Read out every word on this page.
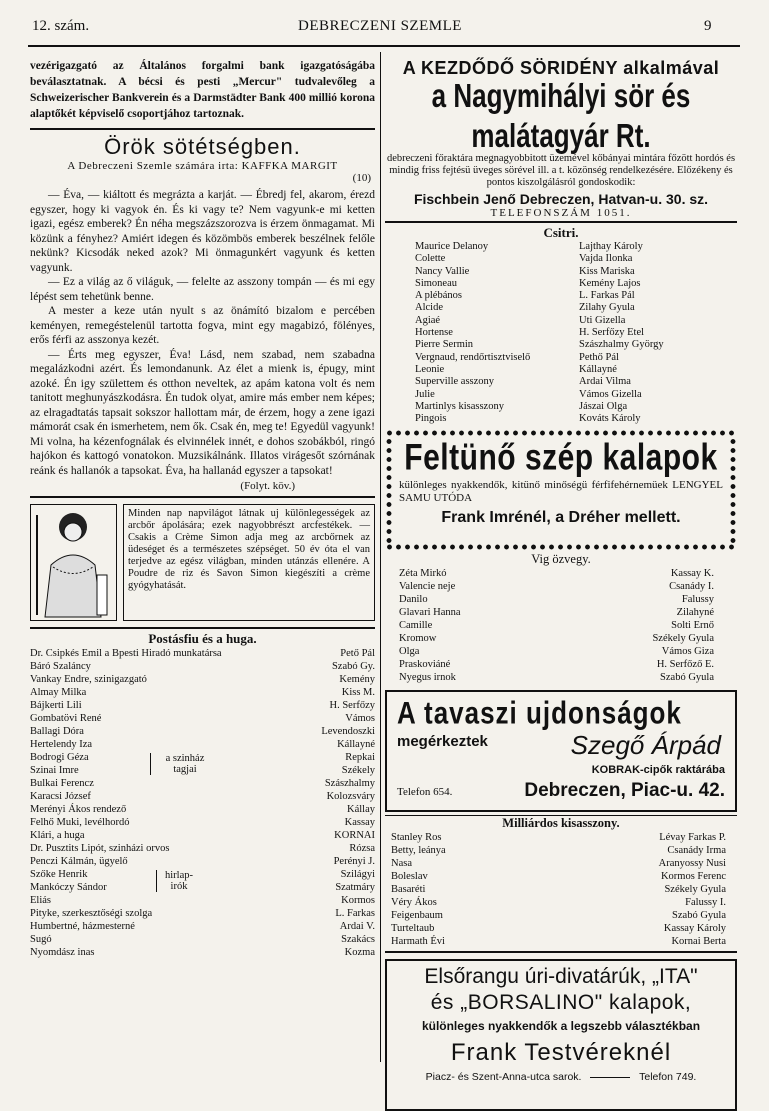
12. szám.	DEBRECZENI SZEMLE	9

vezérigazgató az Általános forgalmi bank igazgatóságába beválasztatnak. A bécsi és pesti „Mercur" tudvalevőleg a Schweizerischer Bankverein és a Darmstädter Bank 400 millió korona alaptőkét képviselő csoportjához tartoznak.

Örök sötétségben.

A Debreczeni Szemle számára irta: KAFFKA MARGIT

(10)

— Éva, — kiáltott és megrázta a karját. — Ébredj fel, akarom, érezd egyszer, hogy ki vagyok én. És ki vagy te? Nem vagyunk-e mi ketten igazi, egész emberek? Én néha megszázszorozva is érzem önmagamat. Mi közünk a fényhez? Amiért idegen és közömbös emberek beszélnek felőle nekünk? Kicsodák neked azok? Mi önmagunkért vagyunk és ketten vagyunk.

— Ez a világ az ő világuk, — felelte az asszony tompán — és mi egy lépést sem tehetünk benne.

A mester a keze után nyult s az önámító bizalom e percében keményen, remegéstelenül tartotta fogva, mint egy magabizó, fölényes, erős férfi az asszonya kezét.

— Érts meg egyszer, Éva! Lásd, nem szabad, nem szabadna megalázkodni azért. És lemondanunk. Az élet a mienk is, épugy, mint azoké. Én igy születtem és otthon neveltek, az apám katona volt és nem tanitott meghunyászkodásra. Én tudok olyat, amire más ember nem képes; az elragadtatás tapsait sokszor hallottam már, de érzem, hogy a zene igazi mámorát csak én ismerhetem, nem ők. Csak én, meg te! Egyedül vagyunk! Mi volna, ha kézenfognálak és elvinnélek innét, e dohos szobákból, ringó hajókon és kattogó vonatokon. Muzsikálnánk. Illatos virágesőt szórnának reánk és hallanók a tapsokat. Éva, ha hallanád egyszer a tapsokat!

(Folyt. köv.)

Minden nap napvilágot látnak uj különlegességek az arcbőr ápolására; ezek nagyobbrészt arcfestékek. — Csakis a Crème Simon adja meg az arcbőrnek az üdeséget és a természetes szépséget. 50 év óta el van terjedve az egész világban, minden utánzás ellenére. A Poudre de riz és Savon Simon kiegészíti a crème gyógyhatását.

Postásfiu és a huga.

Dr. Csipkés Emil a Bpesti Hiradó munkatársa	Pető Pál
Báró Szaláncy	Szabó Gy.
Vankay Endre, szinigazgató	Kemény
Almay Milka	Kiss M.
Bájkerti Lili	H. Serfőzy
Gombatövi René	Vámos
Ballagi Dóra	Levendoszki
Hertelendy Iza	Kállayné
Bodrogi Géza	Repkai
Szinai Imre	Székely
Bulkai Ferencz	Szászhalmy
Karacsi József	Kolozsváry
Merényi Ákos rendező	Kállay
Felhő Muki, levélhordó	Kassay
Klári, a huga	KORNAI
Dr. Pusztits Lipót, szinházi orvos	Rózsa
Penczi Kálmán, ügyelő	Perényi J.
Szőke Henrik	Szilágyi
Mankóczy Sándor	Szatmáry
Eliás	Kormos
Pityke, szerkesztőségi szolga	L. Farkas
Humbertné, házmesterné	Ardai V.
Sugó	Szakács
Nyomdász inas	Kozma
a szinház tagjai
hirlap- irók

A KEZDŐDŐ SÖRIDÉNY alkalmával

a Nagymihályi sör és malátagyár Rt.

debreczeni főraktára megnagyobbitott üzemével kőbányai mintára főzött hordós és mindig friss fejtésü üveges sörével ill. a t. közönség rendelkezésére. Előzékeny és pontos kiszolgálásról gondoskodik:

Fischbein Jenő Debreczen, Hatvan-u. 30. sz.

TELEFONSZÁM 1051.

Csitri.

Maurice Delanoy	Lajthay Károly
Colette	Vajda Ilonka
Nancy Vallie	Kiss Mariska
Simoneau	Kemény Lajos
A plébános	L. Farkas Pál
Alcide	Zilahy Gyula
Agiaé	Uti Gizella
Hortense	H. Serfőzy Etel
Pierre Sermin	Szászhalmy György
Vergnaud, rendőrtisztviselő	Pethő Pál
Leonie	Kállayné
Superville asszony	Ardai Vilma
Julie	Vámos Gizella
Martinlys kisasszony	Jászai Olga
Pingois	Kováts Károly

Feltünő szép kalapok

különleges nyakkendők, kitünő minőségü férfifehérnemüek LENGYEL SAMU UTÓDA

Frank Imrénél, a Dréher mellett.

Vig özvegy.

Zéta Mirkó	Kassay K.
Valencie neje	Csanády I.
Danilo	Falussy
Glavari Hanna	Zilahyné
Camille	Solti Ernő
Kromow	Székely Gyula
Olga	Vámos Giza
Praskoviáné	H. Serfőző E.
Nyegus irnok	Szabó Gyula

A tavaszi ujdonságok

megérkeztek	Szegő Árpád

KOBRAK-cipők raktárába

Telefon 654.	Debreczen, Piac-u. 42.

Milliárdos kisasszony.

Stanley Ros	Lévay Farkas P.
Betty, leánya	Csanády Irma
Nasa	Aranyossy Nusi
Boleslav	Kormos Ferenc
Basaréti	Székely Gyula
Véry Ákos	Falussy I.
Feigenbaum	Szabó Gyula
Turteltaub	Kassay Károly
Harmath Évi	Kornai Berta

Elsőrangu úri-divatárúk, „ITA"

és „BORSALINO" kalapok,

különleges nyakkendők a legszebb választékban

Frank Testvéreknél

Piacz- és Szent-Anna-utca sarok.	Telefon 749.
